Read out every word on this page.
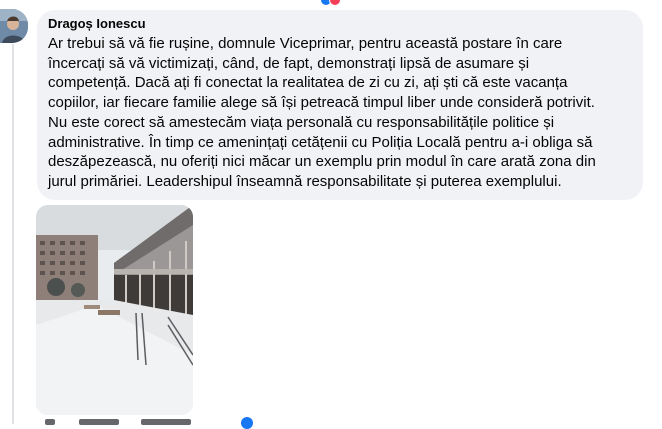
Dragoș Ionescu
Ar trebui să vă fie rușine, domnule Viceprimar, pentru această postare în care
încercați să vă victimizați, când, de fapt, demonstrați lipsă de asumare și
competență. Dacă ați fi conectat la realitatea de zi cu zi, ați ști că este vacanța
copiilor, iar fiecare familie alege să își petreacă timpul liber unde consideră potrivit.
Nu este corect să amestecăm viața personală cu responsabilitățile politice și
administrative. În timp ce amenințați cetățenii cu Poliția Locală pentru a-i obliga să
deszăpezească, nu oferiți nici măcar un exemplu prin modul în care arată zona din
jurul primăriei. Leadershipul înseamnă responsabilitate și puterea exemplului.
